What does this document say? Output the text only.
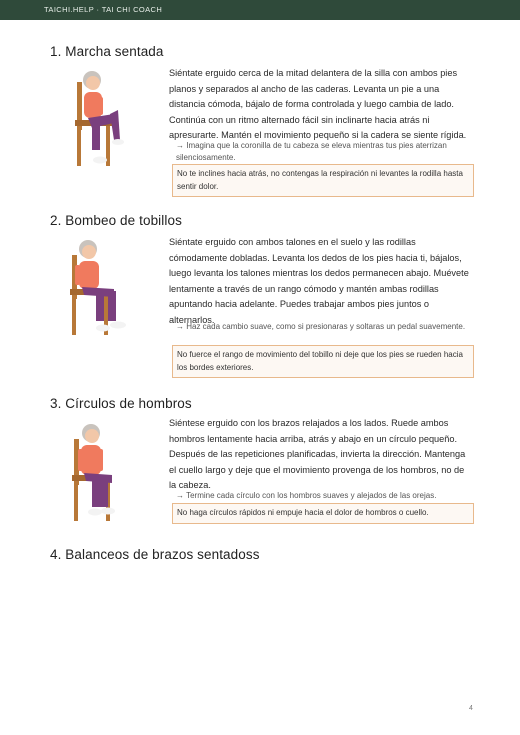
TAICHI.HELP · TAI CHI COACH
1. Marcha sentada
Siéntate erguido cerca de la mitad delantera de la silla con ambos pies planos y separados al ancho de las caderas. Levanta un pie a una distancia cómoda, bájalo de forma controlada y luego cambia de lado. Continúa con un ritmo alternado fácil sin inclinarte hacia atrás ni apresurarte. Mantén el movimiento pequeño si la cadera se siente rígida.
→ Imagina que la coronilla de tu cabeza se eleva mientras tus pies aterrizan silenciosamente.
No te inclines hacia atrás, no contengas la respiración ni levantes la rodilla hasta sentir dolor.
2. Bombeo de tobillos
Siéntate erguido con ambos talones en el suelo y las rodillas cómodamente dobladas. Levanta los dedos de los pies hacia ti, bájalos, luego levanta los talones mientras los dedos permanecen abajo. Muévete lentamente a través de un rango cómodo y mantén ambas rodillas apuntando hacia adelante. Puedes trabajar ambos pies juntos o alternarlos.
→ Haz cada cambio suave, como si presionaras y soltaras un pedal suavemente.
No fuerce el rango de movimiento del tobillo ni deje que los pies se rueden hacia los bordes exteriores.
3. Círculos de hombros
Siéntese erguido con los brazos relajados a los lados. Ruede ambos hombros lentamente hacia arriba, atrás y abajo en un círculo pequeño. Después de las repeticiones planificadas, invierta la dirección. Mantenga el cuello largo y deje que el movimiento provenga de los hombros, no de la cabeza.
→ Termine cada círculo con los hombros suaves y alejados de las orejas.
No haga círculos rápidos ni empuje hacia el dolor de hombros o cuello.
4. Balanceos de brazos sentadoss
4
